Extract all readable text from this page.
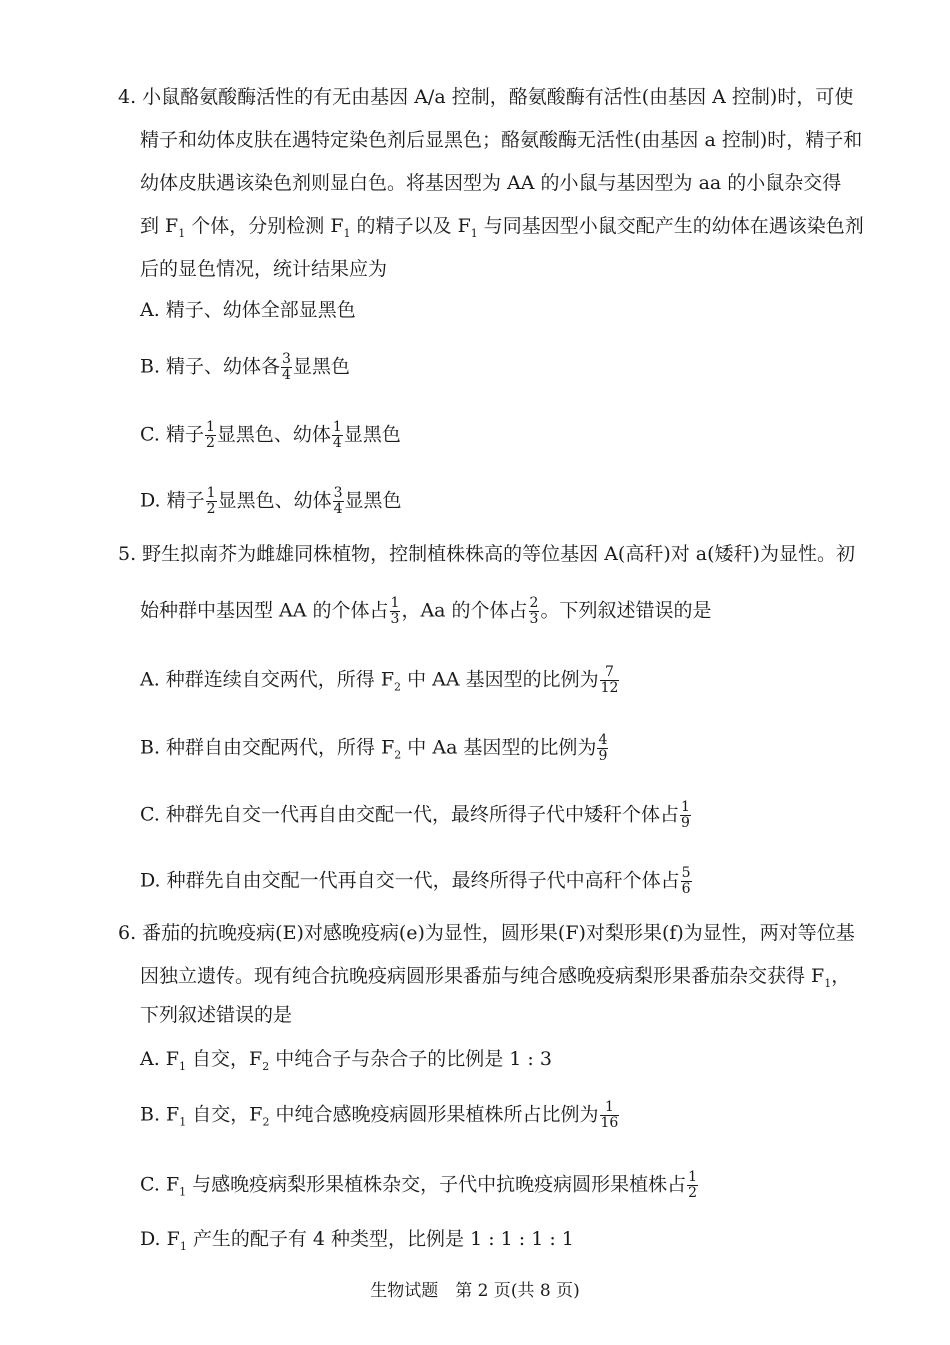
4. 小鼠酪氨酸酶活性的有无由基因 A/a 控制，酪氨酸酶有活性(由基因 A 控制)时，可使
精子和幼体皮肤在遇特定染色剂后显黑色；酪氨酸酶无活性(由基因 a 控制)时，精子和
幼体皮肤遇该染色剂则显白色。将基因型为 AA 的小鼠与基因型为 aa 的小鼠杂交得
到 $F_1$ 个体，分别检测 $F_1$ 的精子以及 $F_1$ 与同基因型小鼠交配产生的幼体在遇该染色剂
后的显色情况，统计结果应为
A. 精子、幼体全部显黑色
B. 精子、幼体各 $\frac{3}{4}$ 显黑色
C. 精子 $\frac{1}{2}$ 显黑色、幼体 $\frac{1}{4}$ 显黑色
D. 精子 $\frac{1}{2}$ 显黑色、幼体 $\frac{3}{4}$ 显黑色
5. 野生拟南芥为雌雄同株植物，控制植株株高的等位基因 A(高秆)对 a(矮秆)为显性。初
始种群中基因型 AA 的个体占 $\frac{1}{3}$ ，Aa 的个体占 $\frac{2}{3}$ 。下列叙述错误的是
A. 种群连续自交两代，所得 $F_2$ 中 AA 基因型的比例为 $\frac{7}{12}$
B. 种群自由交配两代，所得 $F_2$ 中 Aa 基因型的比例为 $\frac{4}{9}$
C. 种群先自交一代再自由交配一代，最终所得子代中矮秆个体占 $\frac{1}{9}$
D. 种群先自由交配一代再自交一代，最终所得子代中高秆个体占 $\frac{5}{6}$
6. 番茄的抗晚疫病(E)对感晚疫病(e)为显性，圆形果(F)对梨形果(f)为显性，两对等位基
因独立遗传。现有纯合抗晚疫病圆形果番茄与纯合感晚疫病梨形果番茄杂交获得 $F_1$，
下列叙述错误的是
A. $F_1$ 自交，$F_2$ 中纯合子与杂合子的比例是 1 : 3
B. $F_1$ 自交，$F_2$ 中纯合感晚疫病圆形果植株所占比例为 $\frac{1}{16}$
C. $F_1$ 与感晚疫病梨形果植株杂交，子代中抗晚疫病圆形果植株占 $\frac{1}{2}$
D. $F_1$ 产生的配子有 4 种类型，比例是 1 : 1 : 1 : 1
生物试题　第 2 页(共 8 页)
